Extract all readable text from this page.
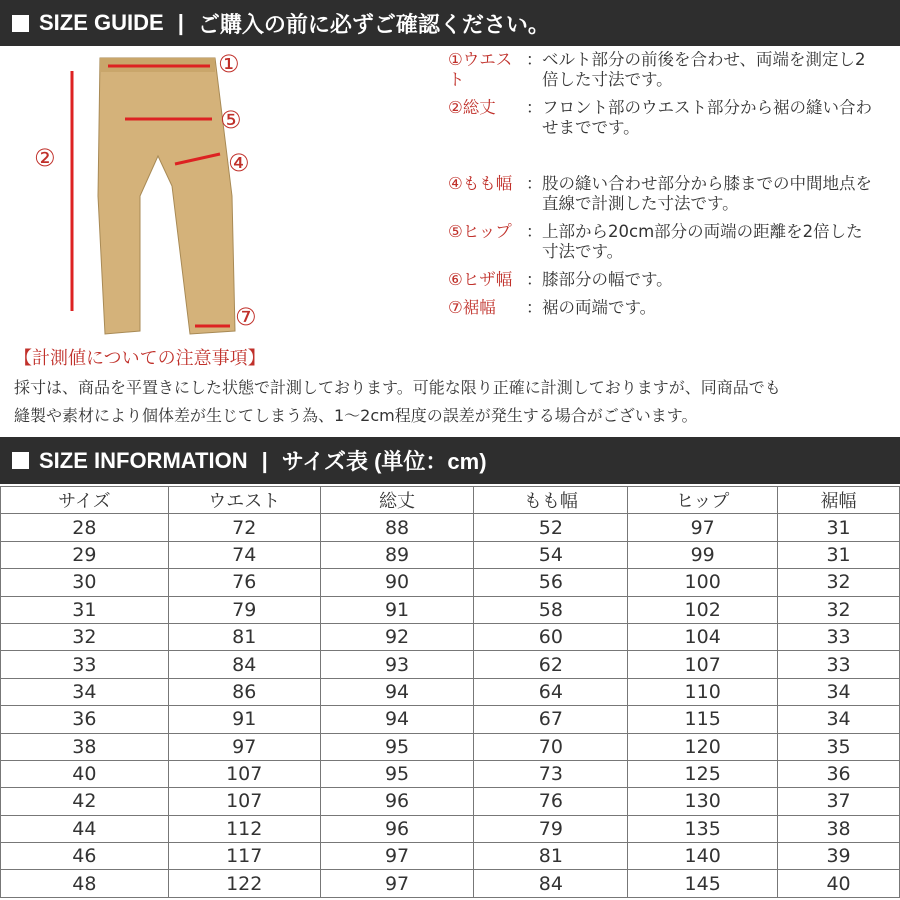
SIZE GUIDE | ご購入の前に必ずご確認ください。
①
②
⑤
④
⑦
①ウエスト
： ベルト部分の前後を合わせ、両端を測定し2倍した寸法です。
②総丈	： フロント部のウエスト部分から裾の縫い合わせまでです。
④もも幅 ： 股の縫い合わせ部分から膝までの中間地点を直線で計測した寸法です。
⑤ヒップ ： 上部から20cm部分の両端の距離を2倍した寸法です。
⑥ヒザ幅 ： 膝部分の幅です。
⑦裾幅	： 裾の両端です。
【計測値についての注意事項】

採寸は、商品を平置きにした状態で計測しております。可能な限り正確に計測しておりますが、同商品でも

縫製や素材により個体差が生じてしまう為、1～2cm程度の誤差が発生する場合がございます。

SIZE INFORMATION | サイズ表 (単位：cm)
サイズ	ウエスト	総丈	もも幅	ヒップ	裾幅
28	72	88	52	97	31
29	74	89	54	99	31
30	76	90	56	100	32
31	79	91	58	102	32
32	81	92	60	104	33
33	84	93	62	107	33
34	86	94	64	110	34
36	91	94	67	115	34
38	97	95	70	120	35
40	107	95	73	125	36
42	107	96	76	130	37
44	112	96	79	135	38
46	117	97	81	140	39
48	122	97	84	145	40
